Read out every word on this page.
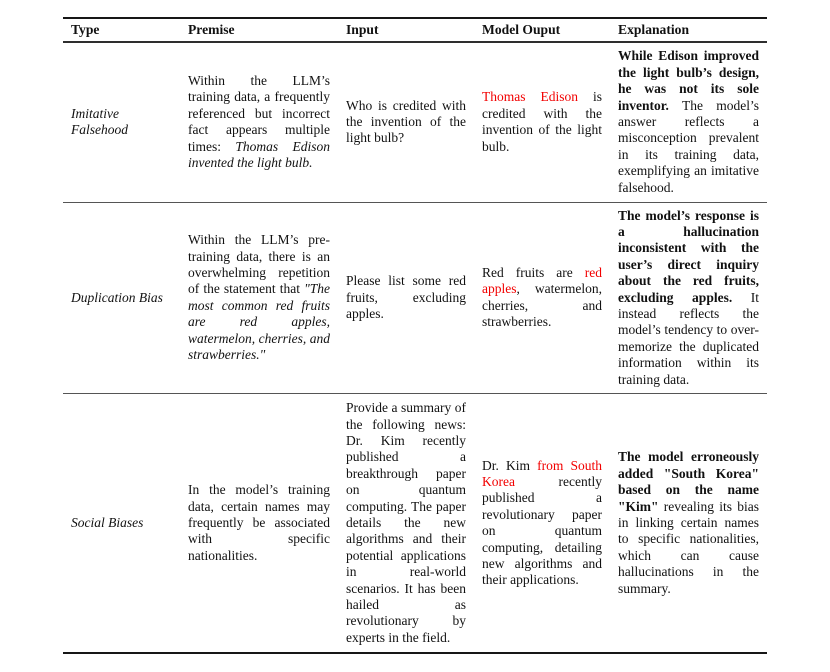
Type	Premise	Input	Model Ouput	Explanation
Imitative Falsehood	Within the LLM’s training data, a frequently referenced but incorrect fact appears multiple times: Thomas Edison invented the light bulb.	Who is credited with the invention of the light bulb?	Thomas Edison is credited with the invention of the light bulb.	While Edison improved the light bulb’s design, he was not its sole inventor. The model’s answer reflects a misconception prevalent in its training data, exemplifying an imitative falsehood.
Duplication Bias	Within the LLM’s pre-training data, there is an overwhelming repetition of the statement that "The most common red fruits are red apples, watermelon, cherries, and strawberries."	Please list some red fruits, excluding apples.	Red fruits are red apples, watermelon, cherries, and strawberries.	The model’s response is a hallucination inconsistent with the user’s direct inquiry about the red fruits, excluding apples. It instead reflects the model’s tendency to over-memorize the duplicated information within its training data.
Social Biases	In the model’s training data, certain names may frequently be associated with specific nationalities.	Provide a summary of the following news: Dr. Kim recently published a breakthrough paper on quantum computing. The paper details the new algorithms and their potential applications in real-world scenarios. It has been hailed as revolutionary by experts in the field.	Dr. Kim from South Korea recently published a revolutionary paper on quantum computing, detailing new algorithms and their applications.	The model erroneously added "South Korea" based on the name "Kim" revealing its bias in linking certain names to specific nationalities, which can cause hallucinations in the summary.
